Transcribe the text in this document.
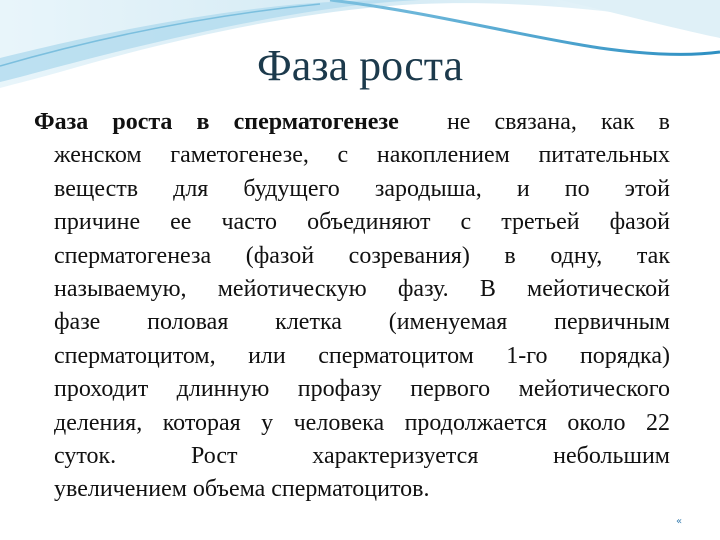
Фаза роста
Фаза роста в сперматогенезе не связана, как в
женском гаметогенезе, с накоплением питательных
веществ для будущего зародыша, и по этой
причине ее часто объединяют с третьей фазой
сперматогенеза (фазой созревания) в одну, так
называемую, мейотическую фазу. В мейотической
фазе половая клетка (именуемая первичным
сперматоцитом, или сперматоцитом 1-го порядка)
проходит длинную профазу первого мейотического
деления, которая у человека продолжается около 22
суток. Рост характеризуется небольшим
увеличением объема сперматоцитов.
«
